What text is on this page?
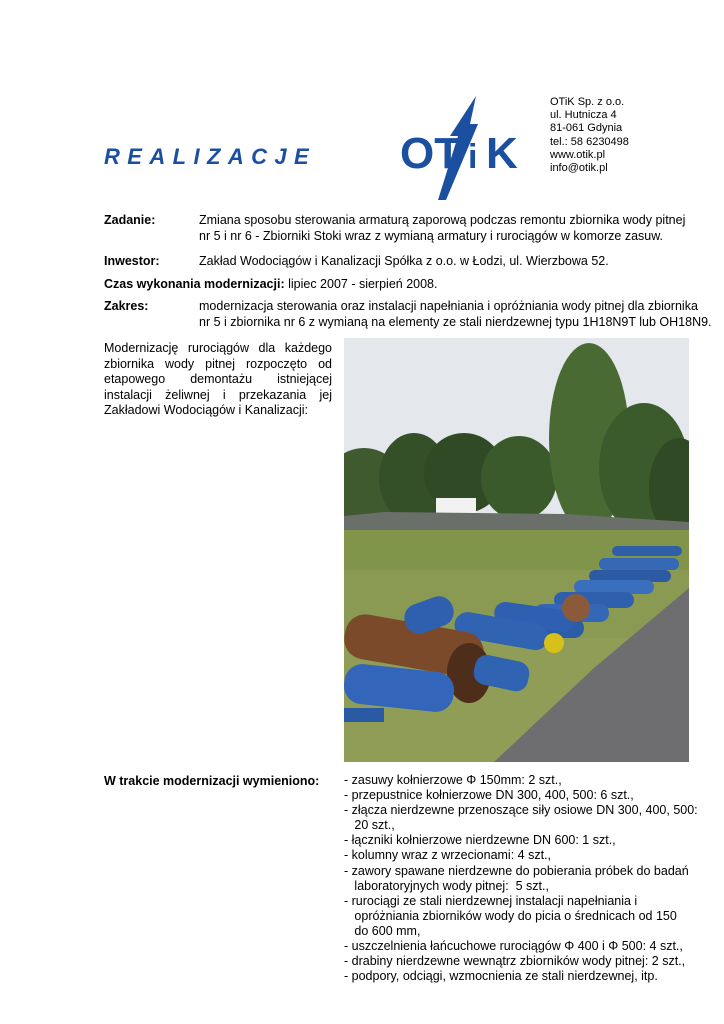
REALIZACJE OT i K
OTiK Sp. z o.o.
ul. Hutnicza 4
81-061 Gdynia
tel.: 58 6230498
www.otik.pl
info@otik.pl
Zadanie:	Zmiana sposobu sterowania armaturą zaporową podczas remontu zbiornika wody pitnej
nr 5 i nr 6 - Zbiorniki Stoki wraz z wymianą armatury i rurociągów w komorze zasuw.
Inwestor:	Zakład Wodociągów i Kanalizacji Spółka z o.o. w Łodzi, ul. Wierzbowa 52.
Czas wykonania modernizacji: lipiec 2007 - sierpień 2008.
Zakres:	modernizacja sterowania oraz instalacji napełniania i opróżniania wody pitnej dla zbiornika
nr 5 i zbiornika nr 6 z wymianą na elementy ze stali nierdzewnej typu 1H18N9T lub OH18N9.
Modernizację rurociągów dla każdego zbiornika wody pitnej rozpoczęto od etapowego demontażu istniejącej instalacji żeliwnej i przekazania jej Zakładowi Wodociągów i Kanalizacji:
W trakcie modernizacji wymieniono: - zasuwy kołnierzowe Φ 150mm: 2 szt.,
- przepustnice kołnierzowe DN 300, 400, 500: 6 szt.,
- złącza nierdzewne przenoszące siły osiowe DN 300, 400, 500:
20 szt.,
- łączniki kołnierzowe nierdzewne DN 600: 1 szt.,
- kolumny wraz z wrzecionami: 4 szt.,
- zawory spawane nierdzewne do pobierania próbek do badań
laboratoryjnych wody pitnej:  5 szt.,
- rurociągi ze stali nierdzewnej instalacji napełniania i
opróżniania zbiorników wody do picia o średnicach od 150
do 600 mm,
- uszczelnienia łańcuchowe rurociągów Φ 400 i Φ 500: 4 szt.,
- drabiny nierdzewne wewnątrz zbiorników wody pitnej: 2 szt.,
- podpory, odciągi, wzmocnienia ze stali nierdzewnej, itp.
